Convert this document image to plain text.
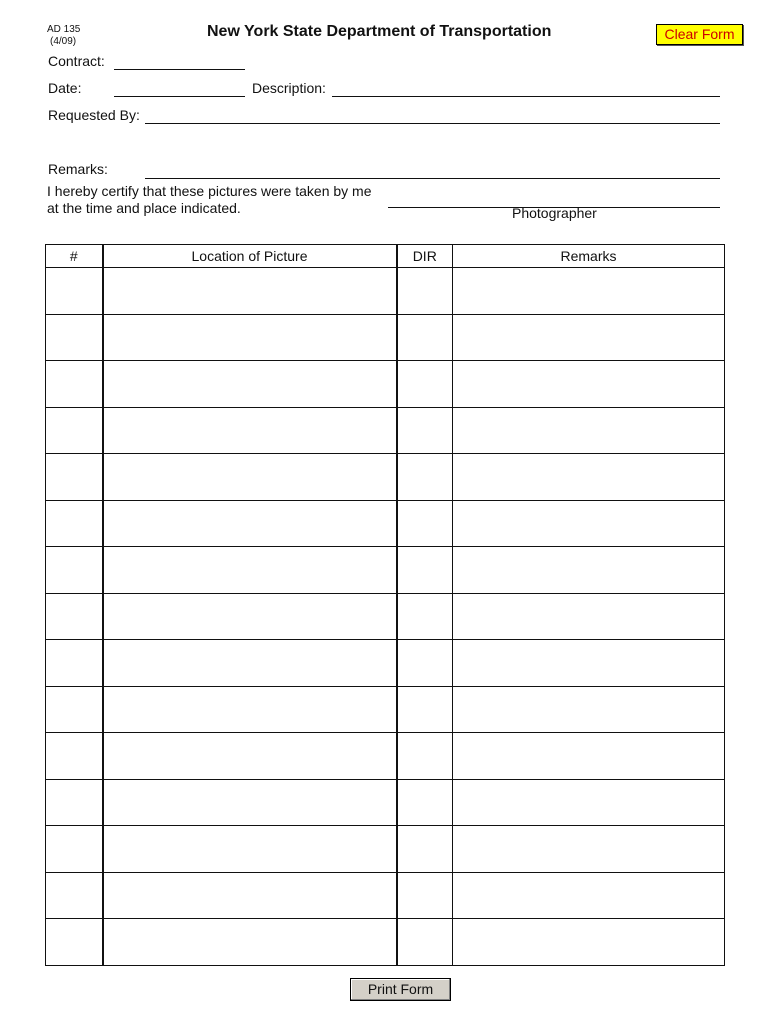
AD 135
(4/09)
New York State Department of Transportation	Clear Form
Contract:
Date:	Description:
Requested By:
Remarks:
I hereby certify that these pictures were taken by me
at the time and place indicated.	Photographer
#	Location of Picture	DIR	Remarks

Print Form
